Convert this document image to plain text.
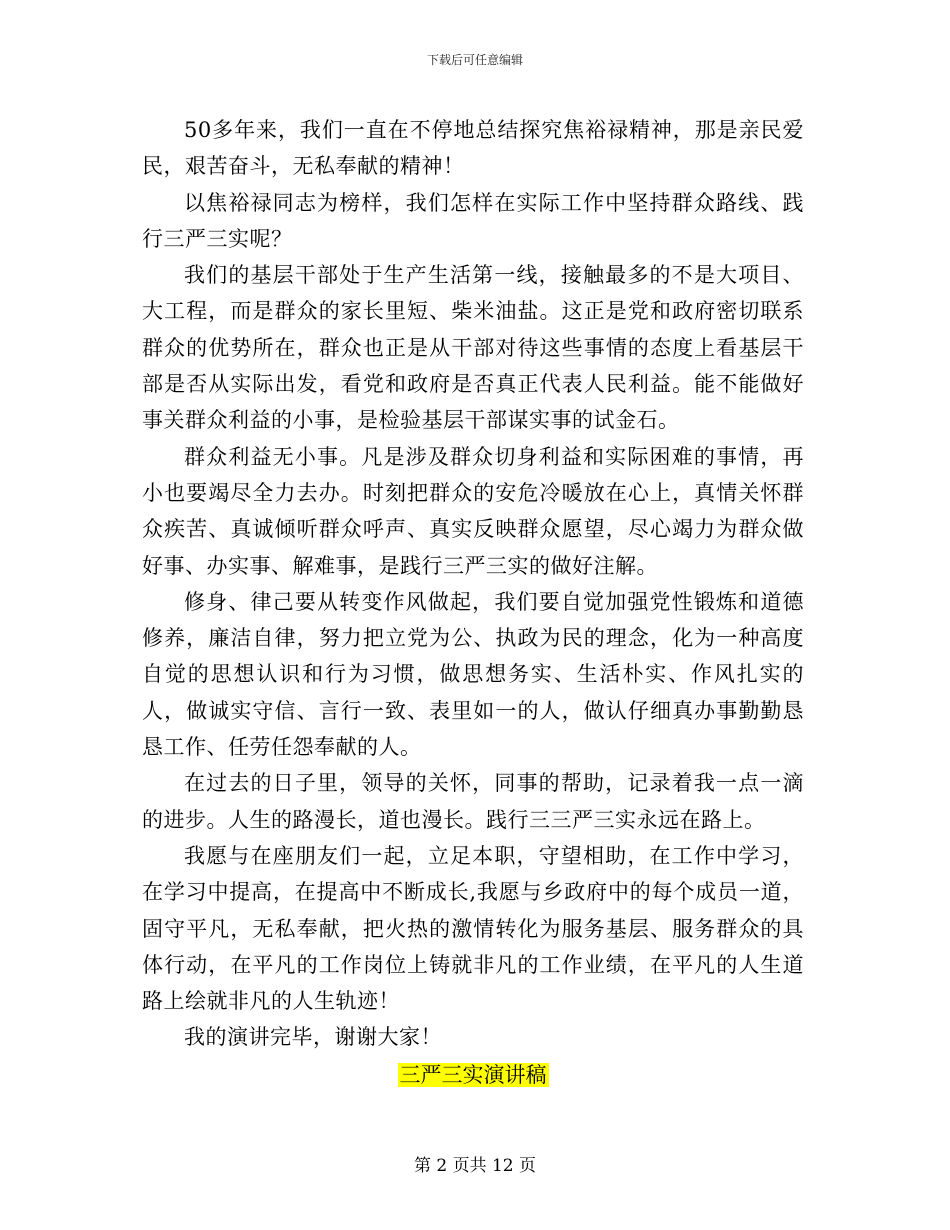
下载后可任意编辑

50多年来，我们一直在不停地总结探究焦裕禄精神，那是亲民爱民，艰苦奋斗，无私奉献的精神！

以焦裕禄同志为榜样，我们怎样在实际工作中坚持群众路线、践行三严三实呢？

我们的基层干部处于生产生活第一线，接触最多的不是大项目、大工程，而是群众的家长里短、柴米油盐。这正是党和政府密切联系群众的优势所在，群众也正是从干部对待这些事情的态度上看基层干部是否从实际出发，看党和政府是否真正代表人民利益。能不能做好事关群众利益的小事，是检验基层干部谋实事的试金石。

群众利益无小事。凡是涉及群众切身利益和实际困难的事情，再小也要竭尽全力去办。时刻把群众的安危冷暖放在心上，真情关怀群众疾苦、真诚倾听群众呼声、真实反映群众愿望，尽心竭力为群众做好事、办实事、解难事，是践行三严三实的做好注解。

修身、律己要从转变作风做起，我们要自觉加强党性锻炼和道德修养，廉洁自律，努力把立党为公、执政为民的理念，化为一种高度自觉的思想认识和行为习惯，做思想务实、生活朴实、作风扎实的人，做诚实守信、言行一致、表里如一的人，做认仔细真办事勤勤恳恳工作、任劳任怨奉献的人。

在过去的日子里，领导的关怀，同事的帮助，记录着我一点一滴的进步。人生的路漫长，道也漫长。践行三三严三实永远在路上。

我愿与在座朋友们一起，立足本职，守望相助，在工作中学习，在学习中提高，在提高中不断成长,我愿与乡政府中的每个成员一道，固守平凡，无私奉献，把火热的激情转化为服务基层、服务群众的具体行动，在平凡的工作岗位上铸就非凡的工作业绩，在平凡的人生道路上绘就非凡的人生轨迹！

我的演讲完毕，谢谢大家！

三严三实演讲稿
第 2 页共 12 页
